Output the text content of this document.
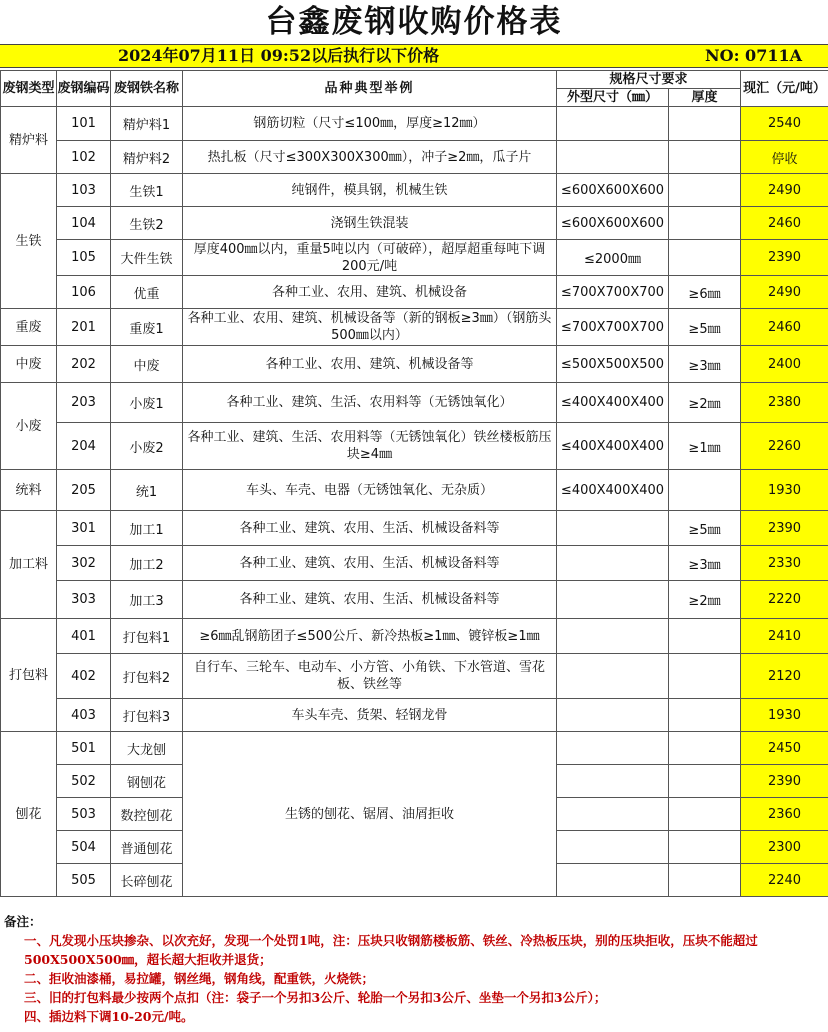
台鑫废钢收购价格表
2024年07月11日 09:52以后执行以下价格	NO: 0711A
废钢类型	废钢编码	废钢铁名称	品种典型举例	规格尺寸要求		现汇（元/吨）
				外型尺寸（㎜）	厚度	
精炉料	101	精炉料1	钢筋切粒（尺寸≤100㎜，厚度≥12㎜）			2540
	102	精炉料2	热扎板（尺寸≤300X300X300㎜），冲子≥2㎜，瓜子片			停收
生铁	103	生铁1	纯钢件，模具钢，机械生铁	≤600X600X600		2490
	104	生铁2	浇钢生铁混装	≤600X600X600		2460
	105	大件生铁	厚度400㎜以内，重量5吨以内（可破碎），超厚超重每吨下调200元/吨	≤2000㎜		2390
	106	优重	各种工业、农用、建筑、机械设备	≤700X700X700	≥6㎜	2490
重废	201	重废1	各种工业、农用、建筑、机械设备等（新的钢板≥3㎜）（钢筋头500㎜以内）	≤700X700X700	≥5㎜	2460
中废	202	中废	各种工业、农用、建筑、机械设备等	≤500X500X500	≥3㎜	2400
小废	203	小废1	各种工业、建筑、生活、农用料等（无锈蚀氧化）	≤400X400X400	≥2㎜	2380
	204	小废2	各种工业、建筑、生活、农用料等（无锈蚀氧化）铁丝楼板筋压块≥4㎜	≤400X400X400	≥1㎜	2260
统料	205	统1	车头、车壳、电器（无锈蚀氧化、无杂质）	≤400X400X400		1930
加工料	301	加工1	各种工业、建筑、农用、生活、机械设备料等		≥5㎜	2390
	302	加工2	各种工业、建筑、农用、生活、机械设备料等		≥3㎜	2330
	303	加工3	各种工业、建筑、农用、生活、机械设备料等		≥2㎜	2220
打包料	401	打包料1	≥6㎜乱钢筋团子≤500公斤、新冷热板≥1㎜、镀锌板≥1㎜			2410
	402	打包料2	自行车、三轮车、电动车、小方管、小角铁、下水管道、雪花板、铁丝等			2120
	403	打包料3	车头车壳、货架、轻钢龙骨			1930
刨花	501	大龙刨	生锈的刨花、锯屑、油屑拒收			2450
	502	钢刨花				2390
	503	数控刨花				2360
	504	普通刨花				2300
	505	长碎刨花				2240
备注：
一、凡发现小压块掺杂、以次充好，发现一个处罚1吨，注：压块只收钢筋楼板筋、铁丝、冷热板压块，别的压块拒收，压块不能超过500X500X500㎜，超长超大拒收并退货；
二、拒收油漆桶，易拉罐，钢丝绳，钢角线，配重铁，火烧铁；
三、旧的打包料最少按两个点扣（注：袋子一个另扣3公斤、轮胎一个另扣3公斤、坐垫一个另扣3公斤）；
四、插边料下调10-20元/吨。
